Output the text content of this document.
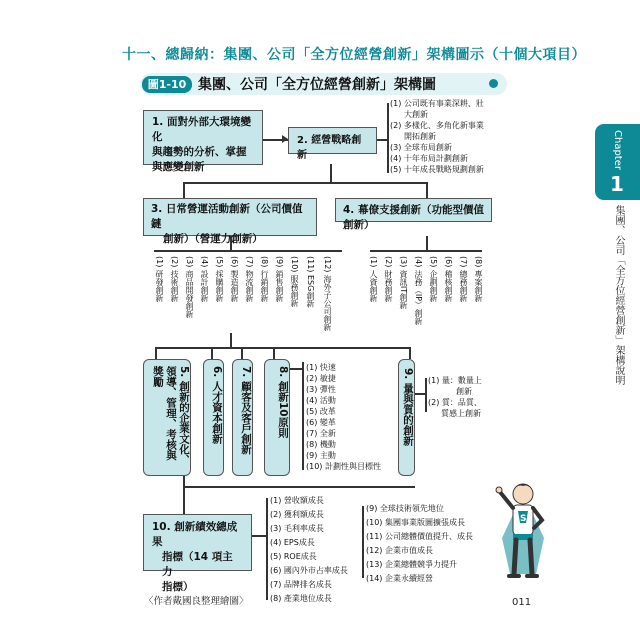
十一、總歸納：集團、公司「全方位經營創新」架構圖示（十個大項目）
圖1-10 集團、公司「全方位經營創新」架構圖
Chapter
1
集團、公司「全方位經營創新」架構說明
1. 面對外部大環境變化
與趨勢的分析、掌握
與應變創新
2. 經營戰略創新
(1) 公司既有事業深耕、壯
大創新
(2) 多樣化、多角化新事業
開拓創新
(3) 全球布局創新
(4) 十年布局計劃創新
(5) 十年成長戰略規劃創新
3. 日常營運活動創新（公司價值鏈
創新）（營運力創新）
4. 幕僚支援創新（功能型價值創新）
(1) 研發創新 (2) 技術創新 (3) 商品開發創新 (4) 設計創新 (5) 採購創新 (6) 製造創新 (7) 物流創新 (8) 行銷創新 (9) 銷售創新 (10) 服務創新 (11) ESG創新 (12) 海外子公司創新	(1) 人資創新 (2) 財務創新 (3) 資訊IT創新 (4) 法務（IP）創新 (5) 企劃創新 (6) 稽核創新 (7) 總務創新 (8) 專案創新
5. 創新的企業文化、領導、管理、考核與獎勵	6. 人才資本創新	7. 顧客及客戶創新	8. 創新10原則	9. 量與質的創新
(1) 快速
(2) 敏捷
(3) 彈性
(4) 活動
(5) 改革
(6) 變革
(7) 全新
(8) 機動
(9) 主動
(10) 計劃性與目標性
(1) 量：數量上
創新
(2) 質：品質、
質感上創新
10. 創新績效總成果
指標（14 項主力
指標）
(1) 營收額成長
(2) 獲利額成長
(3) 毛利率成長
(4) EPS成長
(5) ROE成長
(6) 國內外市占率成長
(7) 品牌排名成長
(8) 產業地位成長
(9) 全球技術領先地位
(10) 集團事業版圖擴張成長
(11) 公司總體價值提升、成長
(12) 企業市值成長
(13) 企業總體競爭力提升
(14) 企業永續經營
S
〈作者戴國良整理繪圖〉	011
